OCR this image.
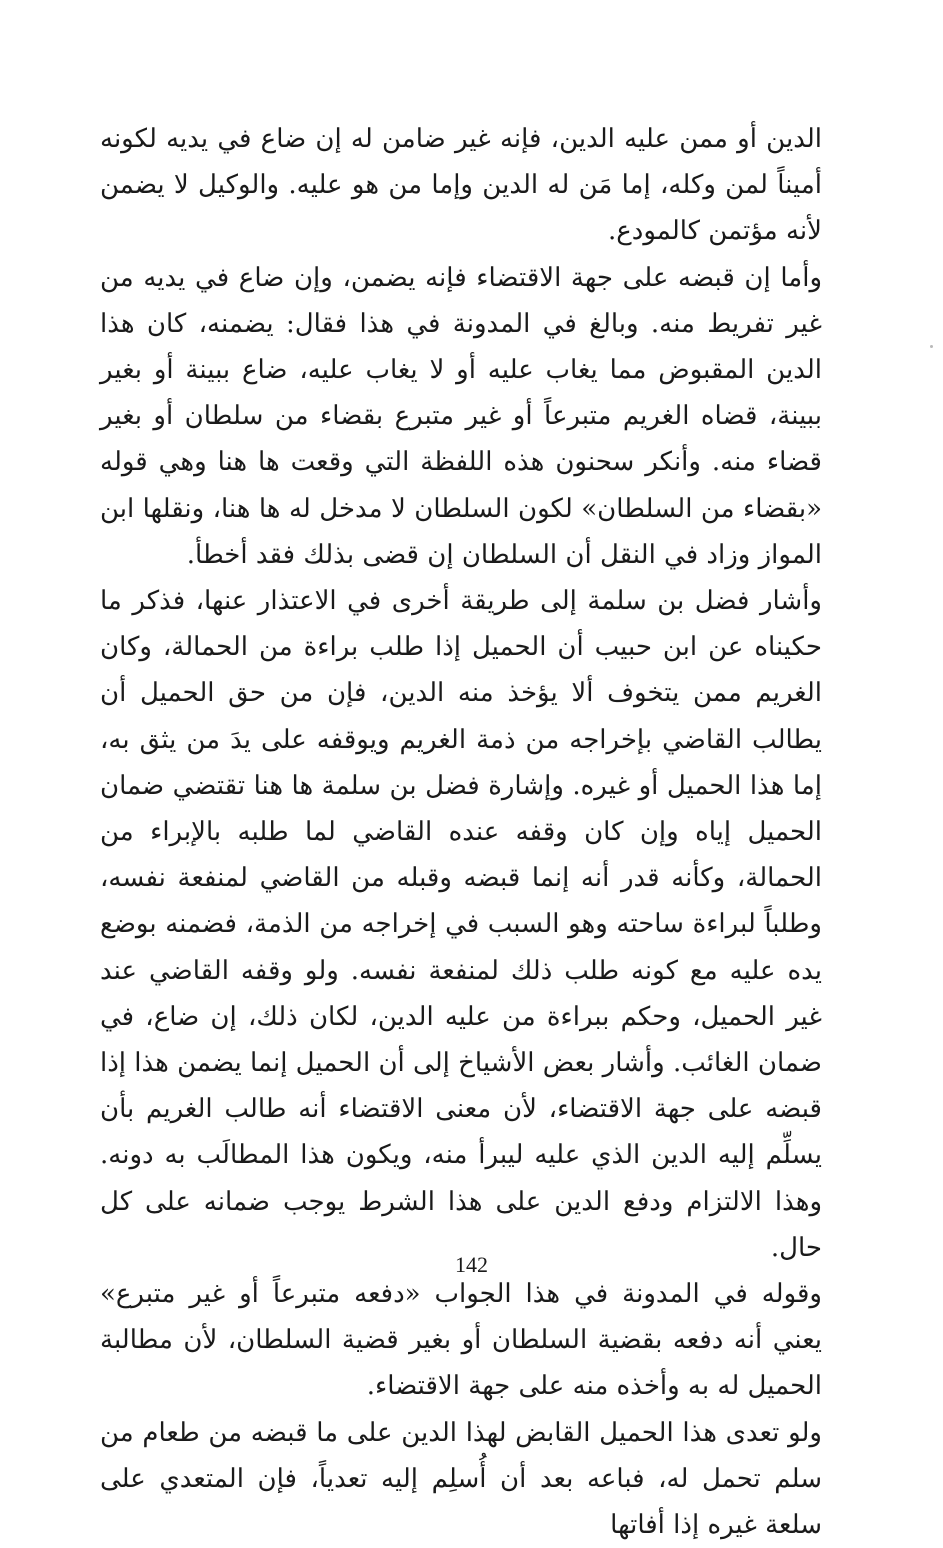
الدين أو ممن عليه الدين، فإنه غير ضامن له إن ضاع في يديه لكونه أميناً لمن وكله، إما مَن له الدين وإما من هو عليه. والوكيل لا يضمن لأنه مؤتمن كالمودع.

وأما إن قبضه على جهة الاقتضاء فإنه يضمن، وإن ضاع في يديه من غير تفريط منه. وبالغ في المدونة في هذا فقال: يضمنه، كان هذا الدين المقبوض مما يغاب عليه أو لا يغاب عليه، ضاع ببينة أو بغير ببينة، قضاه الغريم متبرعاً أو غير متبرع بقضاء من سلطان أو بغير قضاء منه. وأنكر سحنون هذه اللفظة التي وقعت ها هنا وهي قوله «بقضاء من السلطان» لكون السلطان لا مدخل له ها هنا، ونقلها ابن المواز وزاد في النقل أن السلطان إن قضى بذلك فقد أخطأ.

وأشار فضل بن سلمة إلى طريقة أخرى في الاعتذار عنها، فذكر ما حكيناه عن ابن حبيب أن الحميل إذا طلب براءة من الحمالة، وكان الغريم ممن يتخوف ألا يؤخذ منه الدين، فإن من حق الحميل أن يطالب القاضي بإخراجه من ذمة الغريم ويوقفه على يدَ من يثق به، إما هذا الحميل أو غيره. وإشارة فضل بن سلمة ها هنا تقتضي ضمان الحميل إياه وإن كان وقفه عنده القاضي لما طلبه بالإبراء من الحمالة، وكأنه قدر أنه إنما قبضه وقبله من القاضي لمنفعة نفسه، وطلباً لبراءة ساحته وهو السبب في إخراجه من الذمة، فضمنه بوضع يده عليه مع كونه طلب ذلك لمنفعة نفسه. ولو وقفه القاضي عند غير الحميل، وحكم ببراءة من عليه الدين، لكان ذلك، إن ضاع، في ضمان الغائب. وأشار بعض الأشياخ إلى أن الحميل إنما يضمن هذا إذا قبضه على جهة الاقتضاء، لأن معنى الاقتضاء أنه طالب الغريم بأن يسلِّم إليه الدين الذي عليه ليبرأ منه، ويكون هذا المطالَب به دونه. وهذا الالتزام ودفع الدين على هذا الشرط يوجب ضمانه على كل حال.

وقوله في المدونة في هذا الجواب «دفعه متبرعاً أو غير متبرع» يعني أنه دفعه بقضية السلطان أو بغير قضية السلطان، لأن مطالبة الحميل له به وأخذه منه على جهة الاقتضاء.

ولو تعدى هذا الحميل القابض لهذا الدين على ما قبضه من طعام من سلم تحمل له، فباعه بعد أن أُسلِم إليه تعدياً، فإن المتعدي على سلعة غيره إذا أفاتها

142
